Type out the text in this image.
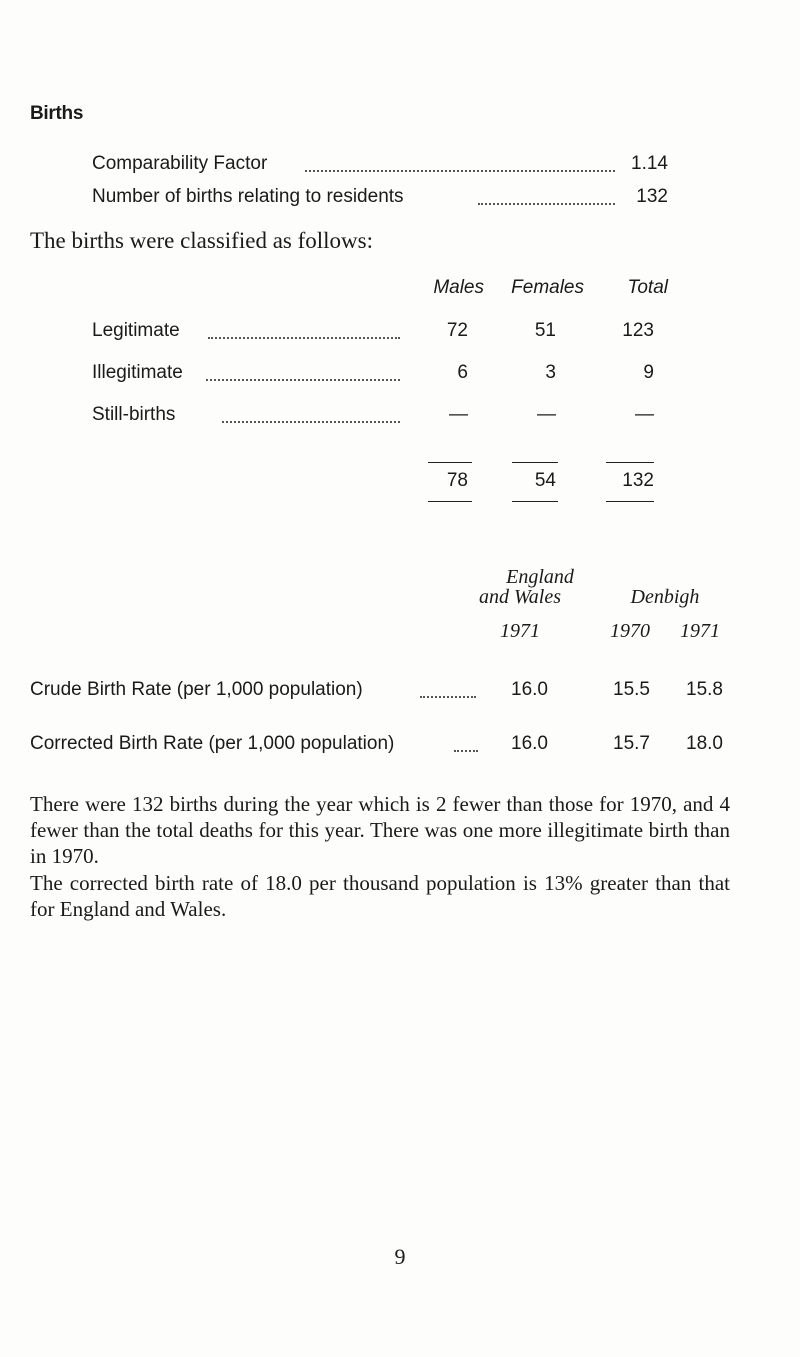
Births
Comparability Factor	1.14
Number of births relating to residents	132
The births were classified as follows:
Males	Females	Total
Legitimate	72	51	123
Illegitimate	6	3	9
Still-births	—	—	—
78	54	132
England
and Wales	Denbigh
1971	1970	1971
Crude Birth Rate (per 1,000 population)	16.0	15.5	15.8
Corrected Birth Rate (per 1,000 population)	16.0	15.7	18.0
There were 132 births during the year which is 2 fewer than those for 1970, and 4 fewer than the total deaths for this year. There was one more illegitimate birth than in 1970.
The corrected birth rate of 18.0 per thousand population is 13% greater than that for England and Wales.
9
